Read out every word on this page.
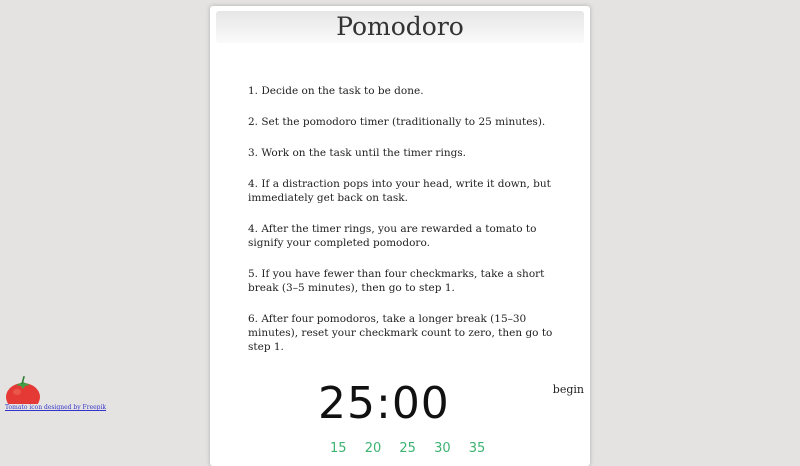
Tomato icon designed by Freepik
Pomodoro

1. Decide on the task to be done.

2. Set the pomodoro timer (traditionally to 25 minutes).

3. Work on the task until the timer rings.

4. If a distraction pops into your head, write it down, but immediately get back on task.

4. After the timer rings, you are rewarded a tomato to signify your completed pomodoro.

5. If you have fewer than four checkmarks, take a short break (3–5 minutes), then go to step 1.

6. After four pomodoros, take a longer break (15–30 minutes), reset your checkmark count to zero, then go to step 1.

25:00	begin
15 20 25 30 35
